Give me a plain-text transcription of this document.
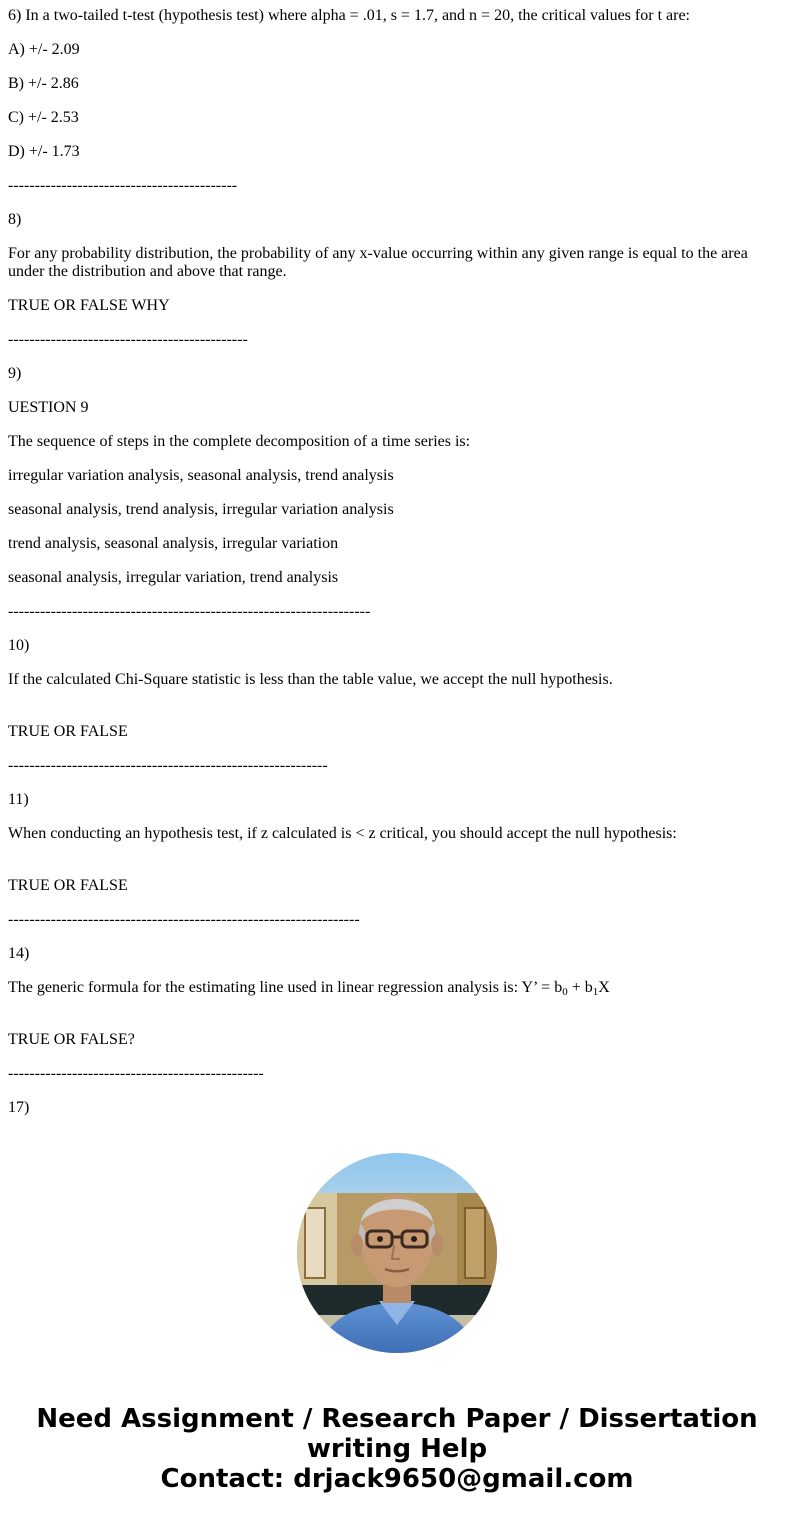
6) In a two-tailed t-test (hypothesis test) where alpha = .01, s = 1.7, and n = 20, the critical values for t are:

A) +/- 2.09

B) +/- 2.86

C) +/- 2.53

D) +/- 1.73

-------------------------------------------

8)

For any probability distribution, the probability of any x-value occurring within any given range is equal to the area under the distribution and above that range.

TRUE OR FALSE WHY

---------------------------------------------

9)

UESTION 9

The sequence of steps in the complete decomposition of a time series is:

irregular variation analysis, seasonal analysis, trend analysis

seasonal analysis, trend analysis, irregular variation analysis

trend analysis, seasonal analysis, irregular variation

seasonal analysis, irregular variation, trend analysis

--------------------------------------------------------------------

10)

If the calculated Chi-Square statistic is less than the table value, we accept the null hypothesis.

TRUE OR FALSE

------------------------------------------------------------

11)

When conducting an hypothesis test, if z calculated is < z critical, you should accept the null hypothesis:

TRUE OR FALSE

------------------------------------------------------------------

14)

The generic formula for the estimating line used in linear regression analysis is: Y’ = $b_0 + b_1X$

TRUE OR FALSE?

------------------------------------------------

17)

Need Assignment / Research Paper / Dissertation
writing Help
Contact: drjack9650@gmail.com
